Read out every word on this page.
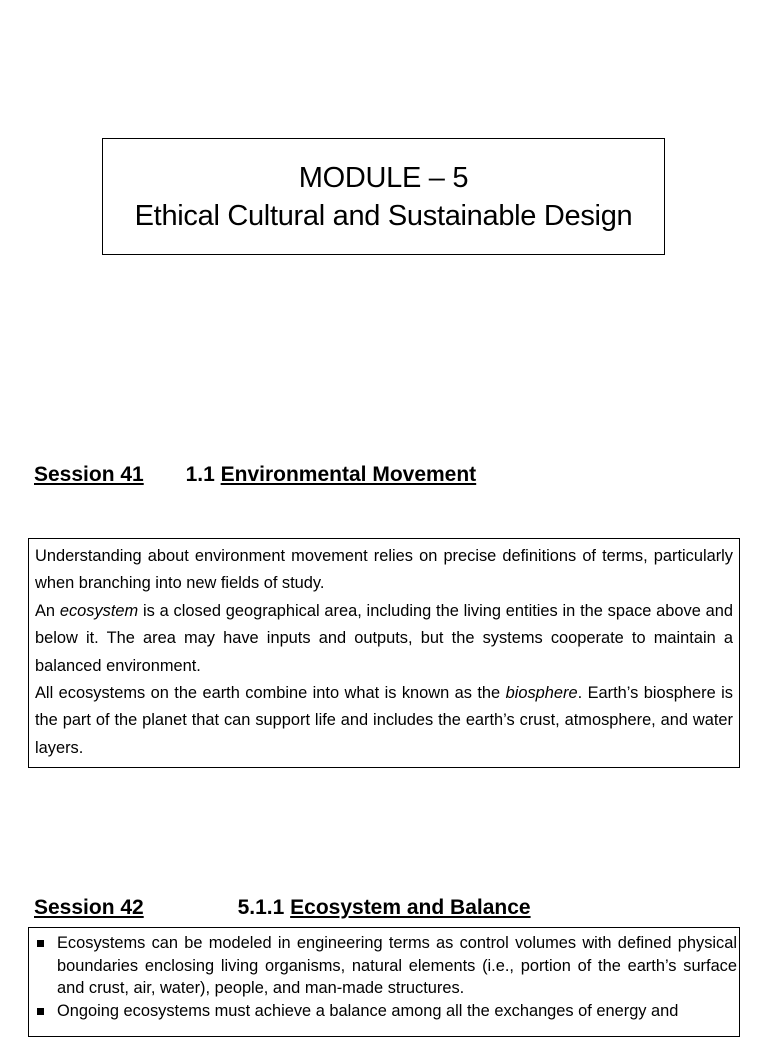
MODULE – 5
Ethical Cultural and Sustainable Design
Session 41 1.1 Environmental Movement

Understanding about environment movement relies on precise definitions of terms, particularly when branching into new fields of study.

An ecosystem is a closed geographical area, including the living entities in the space above and below it. The area may have inputs and outputs, but the systems cooperate to maintain a balanced environment.

All ecosystems on the earth combine into what is known as the biosphere. Earth’s biosphere is the part of the planet that can support life and includes the earth’s crust, atmosphere, and water layers.

Session 42	5.1.1 Ecosystem and Balance
Ecosystems can be modeled in engineering terms as control volumes with defined physical boundaries enclosing living organisms, natural elements (i.e., portion of the earth’s surface and crust, air, water), people, and man-made structures.
Ongoing ecosystems must achieve a balance among all the exchanges of energy and
